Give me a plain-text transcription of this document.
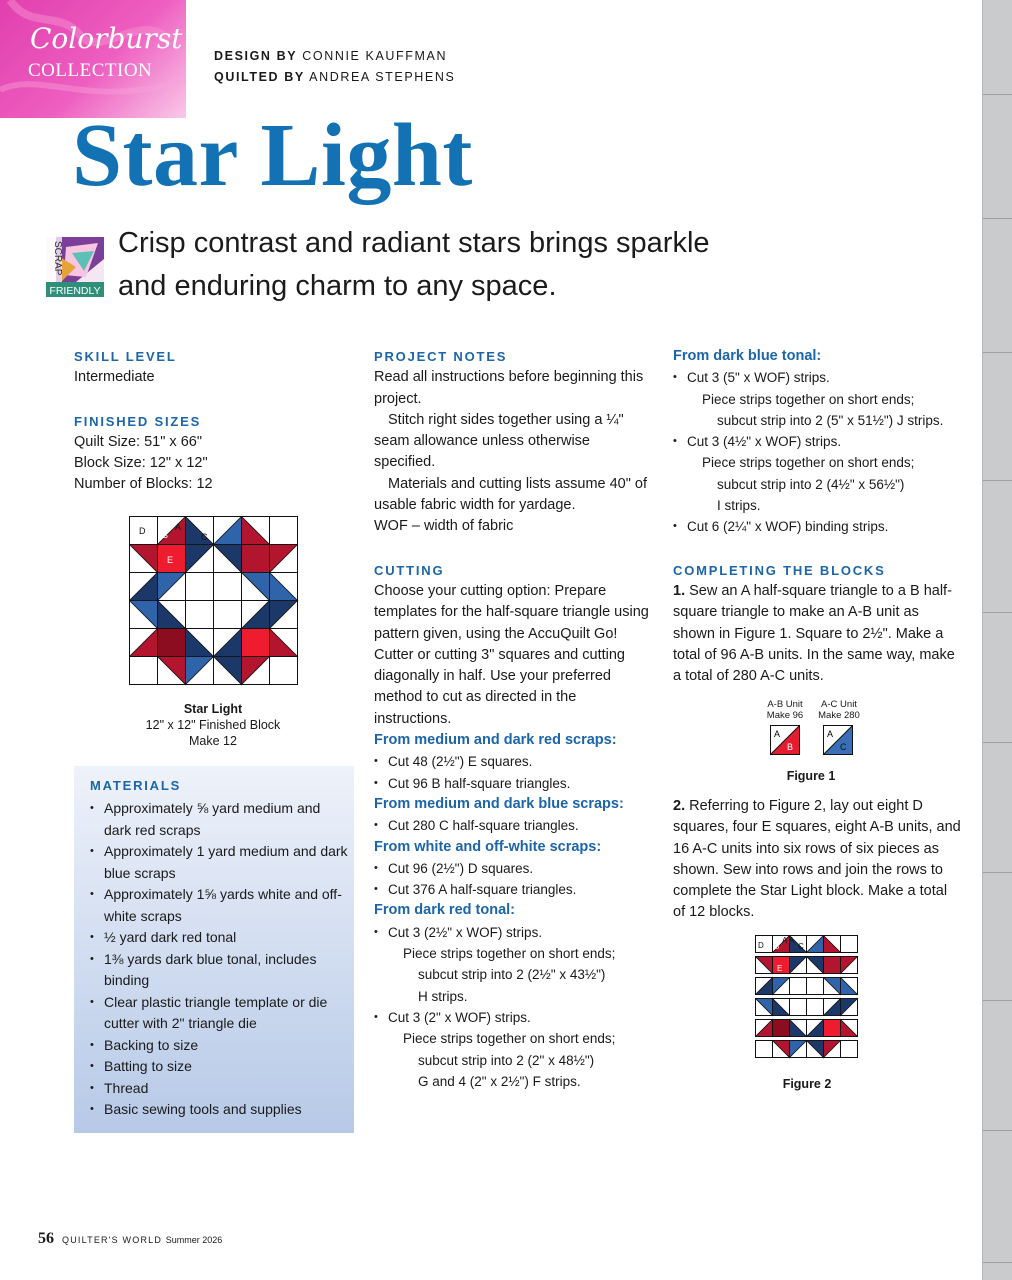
Colorburst
COLLECTION
DESIGN BY CONNIE KAUFFMAN
QUILTED BY ANDREA STEPHENS
Star Light
SCRAP
FRIENDLY
Crisp contrast and radiant stars brings sparkle
and enduring charm to any space.
SKILL LEVEL
Intermediate
FINISHED SIZES
Quilt Size: 51" x 66"
Block Size: 12" x 12"
Number of Blocks: 12
D B
A
C
E
Star Light
12" x 12" Finished Block
Make 12
MATERIALS
• Approximately ⅝ yard medium and dark red scraps
• Approximately 1 yard medium and dark blue scraps
• Approximately 1⅝ yards white and off-white scraps
• ½ yard dark red tonal
• 1⅜ yards dark blue tonal, includes binding
• Clear plastic triangle template or die cutter with 2" triangle die
• Backing to size
• Batting to size
• Thread
• Basic sewing tools and supplies
PROJECT NOTES
Read all instructions before beginning this project.
Stitch right sides together using a ¼" seam allowance unless otherwise specified.
Materials and cutting lists assume 40" of usable fabric width for yardage.
WOF – width of fabric
CUTTING
Choose your cutting option: Prepare templates for the half-square triangle using pattern given, using the AccuQuilt Go! Cutter or cutting 3" squares and cutting diagonally in half. Use your preferred method to cut as directed in the instructions.
From medium and dark red scraps:
• Cut 48 (2½") E squares.
• Cut 96 B half-square triangles.
From medium and dark blue scraps:
• Cut 280 C half-square triangles.
From white and off-white scraps:
• Cut 96 (2½") D squares.
• Cut 376 A half-square triangles.
From dark red tonal:
• Cut 3 (2½" x WOF) strips.
Piece strips together on short ends;
subcut strip into 2 (2½" x 43½")
H strips.
• Cut 3 (2" x WOF) strips.
Piece strips together on short ends;
subcut strip into 2 (2" x 48½")
G and 4 (2" x 2½") F strips.
From dark blue tonal:
• Cut 3 (5" x WOF) strips.
Piece strips together on short ends;
subcut strip into 2 (5" x 51½") J strips.
• Cut 3 (4½" x WOF) strips.
Piece strips together on short ends;
subcut strip into 2 (4½" x 56½")
I strips.
• Cut 6 (2¼" x WOF) binding strips.
COMPLETING THE BLOCKS
1. Sew an A half-square triangle to a B half-square triangle to make an A-B unit as shown in Figure 1. Square to 2½". Make a total of 96 A-B units. In the same way, make a total of 280 A-C units.
A-B Unit
Make 96
A-C Unit
Make 280
A
B
A
C
Figure 1
2. Referring to Figure 2, lay out eight D squares, four E squares, eight A-B units, and 16 A-C units into six rows of six pieces as shown. Sew into rows and join the rows to complete the Star Light block. Make a total of 12 blocks.
D B
A A
C
E
Figure 2
56 QUILTER'S WORLD Summer 2026
